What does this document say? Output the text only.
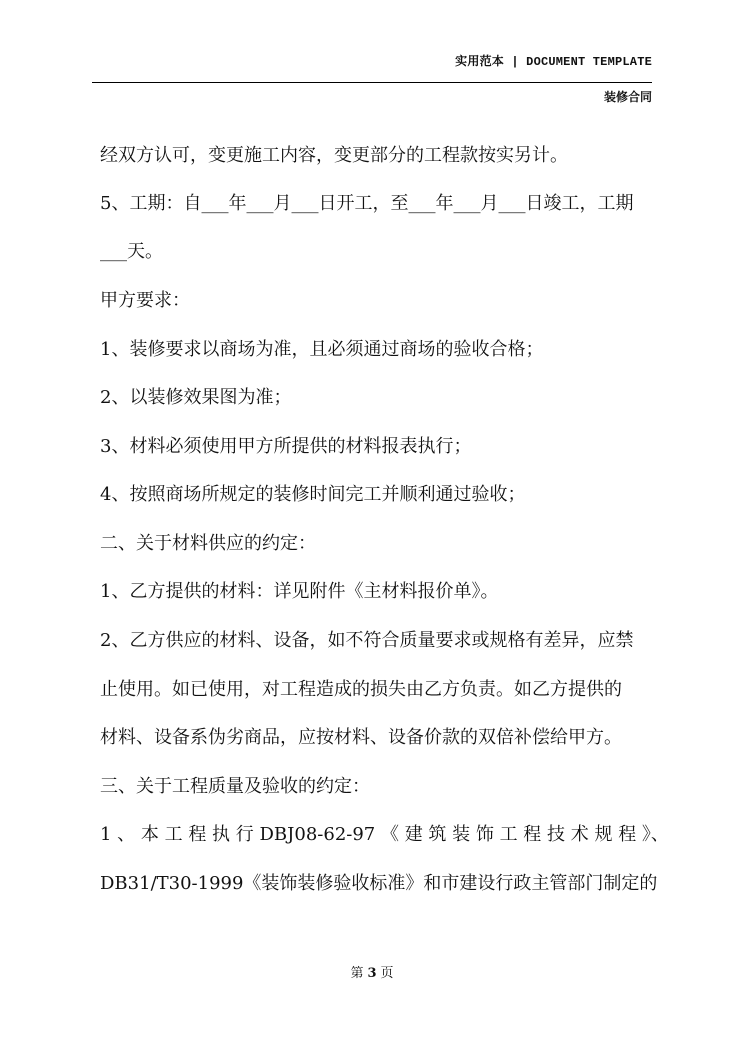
实用范本 | DOCUMENT TEMPLATE
装修合同
经双方认可，变更施工内容，变更部分的工程款按实另计。
5、工期：自___年___月___日开工，至___年___月___日竣工，工期
___天。
甲方要求：
1、装修要求以商场为准，且必须通过商场的验收合格；
2、以装修效果图为准；
3、材料必须使用甲方所提供的材料报表执行；
4、按照商场所规定的装修时间完工并顺利通过验收；
二、关于材料供应的约定：
1、乙方提供的材料：详见附件《主材料报价单》。
2、乙方供应的材料、设备，如不符合质量要求或规格有差异，应禁
止使用。如已使用，对工程造成的损失由乙方负责。如乙方提供的
材料、设备系伪劣商品，应按材料、设备价款的双倍补偿给甲方。
三、关于工程质量及验收的约定：
1 、 本 工 程 执 行 DBJ08-62-97 《 建 筑 装 饰 工 程 技 术 规 程 》、
DB31/T30-1999《装饰装修验收标准》和市建设行政主管部门制定的
第 3 页
